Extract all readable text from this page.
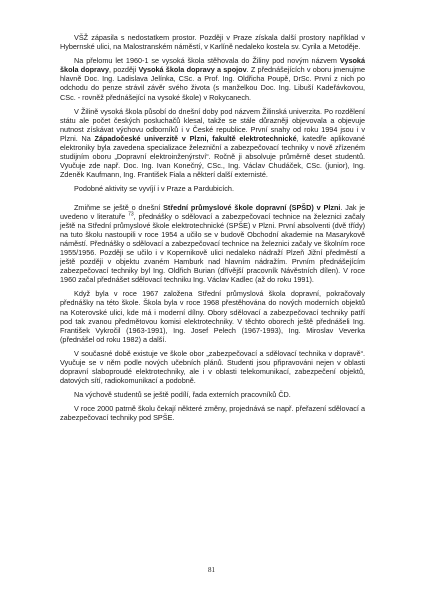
VŠŽ zápasila s nedostatkem prostor. Později v Praze získala další prostory například v Hybernské ulici, na Malostranském náměstí, v Karlíně nedaleko kostela sv. Cyrila a Metoděje.

Na přelomu let 1960-1 se vysoká škola stěhovala do Žiliny pod novým názvem Vysoká škola dopravy, později Vysoká škola dopravy a spojov. Z přednášejících v oboru jmenujme hlavně Doc. Ing. Ladislava Jelínka, CSc. a Prof. Ing. Oldřicha Poupě, DrSc. První z nich po odchodu do penze strávil závěr svého života (s manželkou Doc. Ing. Libuší Kadeřávkovou, CSc. - rovněž přednášející na vysoké škole) v Rokycanech.

V Žilině vysoká škola působí do dnešní doby pod názvem Žilinská univerzita. Po rozdělení státu ale počet českých posluchačů klesal, takže se stále důrazněji objevovala a objevuje nutnost získávat výchovu odborníků i v České republice. První snahy od roku 1994 jsou i v Plzni. Na Západočeské univerzitě v Plzni, fakultě elektrotechnické, katedře aplikované elektroniky byla zavedena specializace železniční a zabezpečovací techniky v nově zřízeném studijním oboru „Dopravní elektroinženýrství“. Ročně ji absolvuje průměrně deset studentů. Vyučuje zde např. Doc. Ing. Ivan Konečný, CSc., Ing. Václav Chudáček, CSc. (junior), Ing. Zdeněk Kaufmann, Ing. František Fiala a některí další externisté.

Podobné aktivity se vyvíjí i v Praze a Pardubicích.

Zmiňme se ještě o dnešní Střední průmyslové škole dopravní (SPŠD) v Plzni. Jak je uvedeno v literatuře $^{73}$, přednášky o sdělovací a zabezpečovací technice na železnici začaly ještě na Střední průmyslové škole elektrotechnické (SPŠE) v Plzni. První absolventi (dvě třídy) na tuto školu nastoupili v roce 1954 a učilo se v budově Obchodní akademie na Masarykově náměstí. Přednášky o sdělovací a zabezpečovací technice na železnici začaly ve školním roce 1955/1956. Později se učilo i v Kopernikově ulici nedaleko nádraží Plzeň Jižní předměstí a ještě později v objektu zvaném Hamburk nad hlavním nádražím. Prvním přednášejícím zabezpečovací techniky byl Ing. Oldřich Burian (dřívější pracovník Návěstních dílen). V roce 1960 začal přednášet sdělovací techniku Ing. Václav Kadlec (až do roku 1991).

Když byla v roce 1967 založena Střední průmyslová škola dopravní, pokračovaly přednášky na této škole. Škola byla v roce 1968 přestěhována do nových moderních objektů na Koterovské ulici, kde má i moderní dílny. Obory sdělovací a zabezpečovací techniky patří pod tak zvanou předmětovou komisi elektrotechniky. V těchto oborech ještě přednášeli Ing. František Vykročil (1963-1991), Ing. Josef Pelech (1967-1993), Ing. Miroslav Veverka (přednášel od roku 1982) a další.

V současné době existuje ve škole obor „zabezpečovací a sdělovací technika v dopravě“. Vyučuje se v něm podle nových učebních plánů. Studenti jsou připravováni nejen v oblasti dopravní slaboproudé elektrotechniky, ale i v oblasti telekomunikací, zabezpečení objektů, datových sítí, radiokomunikací a podobně.

Na výchově studentů se ještě podílí, řada externích pracovníků ČD.

V roce 2000 patrně školu čekají některé změny, projednává se např. přeřazení sdělovací a zabezpečovací techniky pod SPŠE.

81
